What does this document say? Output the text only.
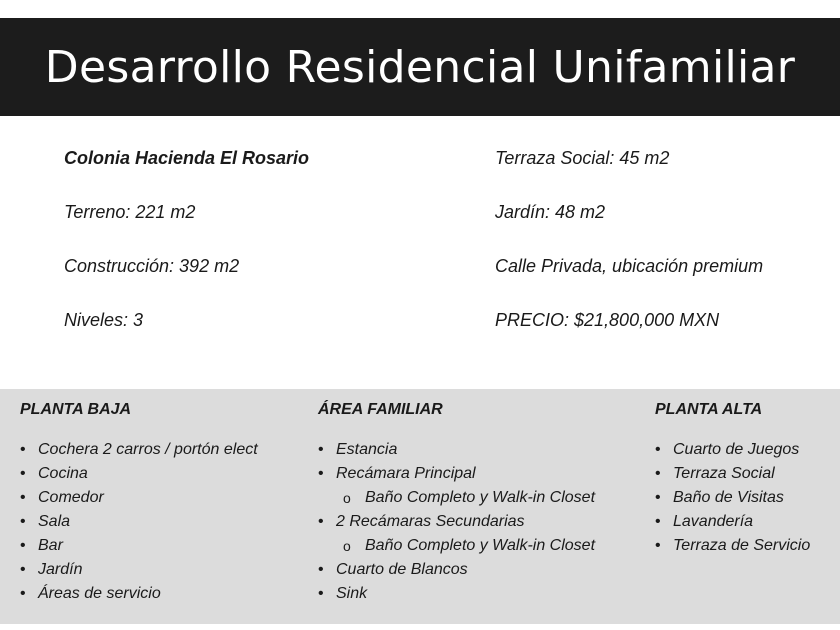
Desarrollo Residencial Unifamiliar
Colonia Hacienda El Rosario
Terreno: 221 m2
Construcción: 392 m2
Niveles: 3
Terraza Social: 45 m2
Jardín: 48 m2
Calle Privada, ubicación premium
PRECIO: $21,800,000 MXN
PLANTA BAJA
• Cochera 2 carros / portón elect
• Cocina
• Comedor
• Sala
• Bar
• Jardín
• Áreas de servicio
ÁREA FAMILIAR
• Estancia
• Recámara Principal
o Baño Completo y Walk-in Closet
• 2 Recámaras Secundarias
o Baño Completo y Walk-in Closet
• Cuarto de Blancos
• Sink
PLANTA ALTA
• Cuarto de Juegos
• Terraza Social
• Baño de Visitas
• Lavandería
• Terraza de Servicio
